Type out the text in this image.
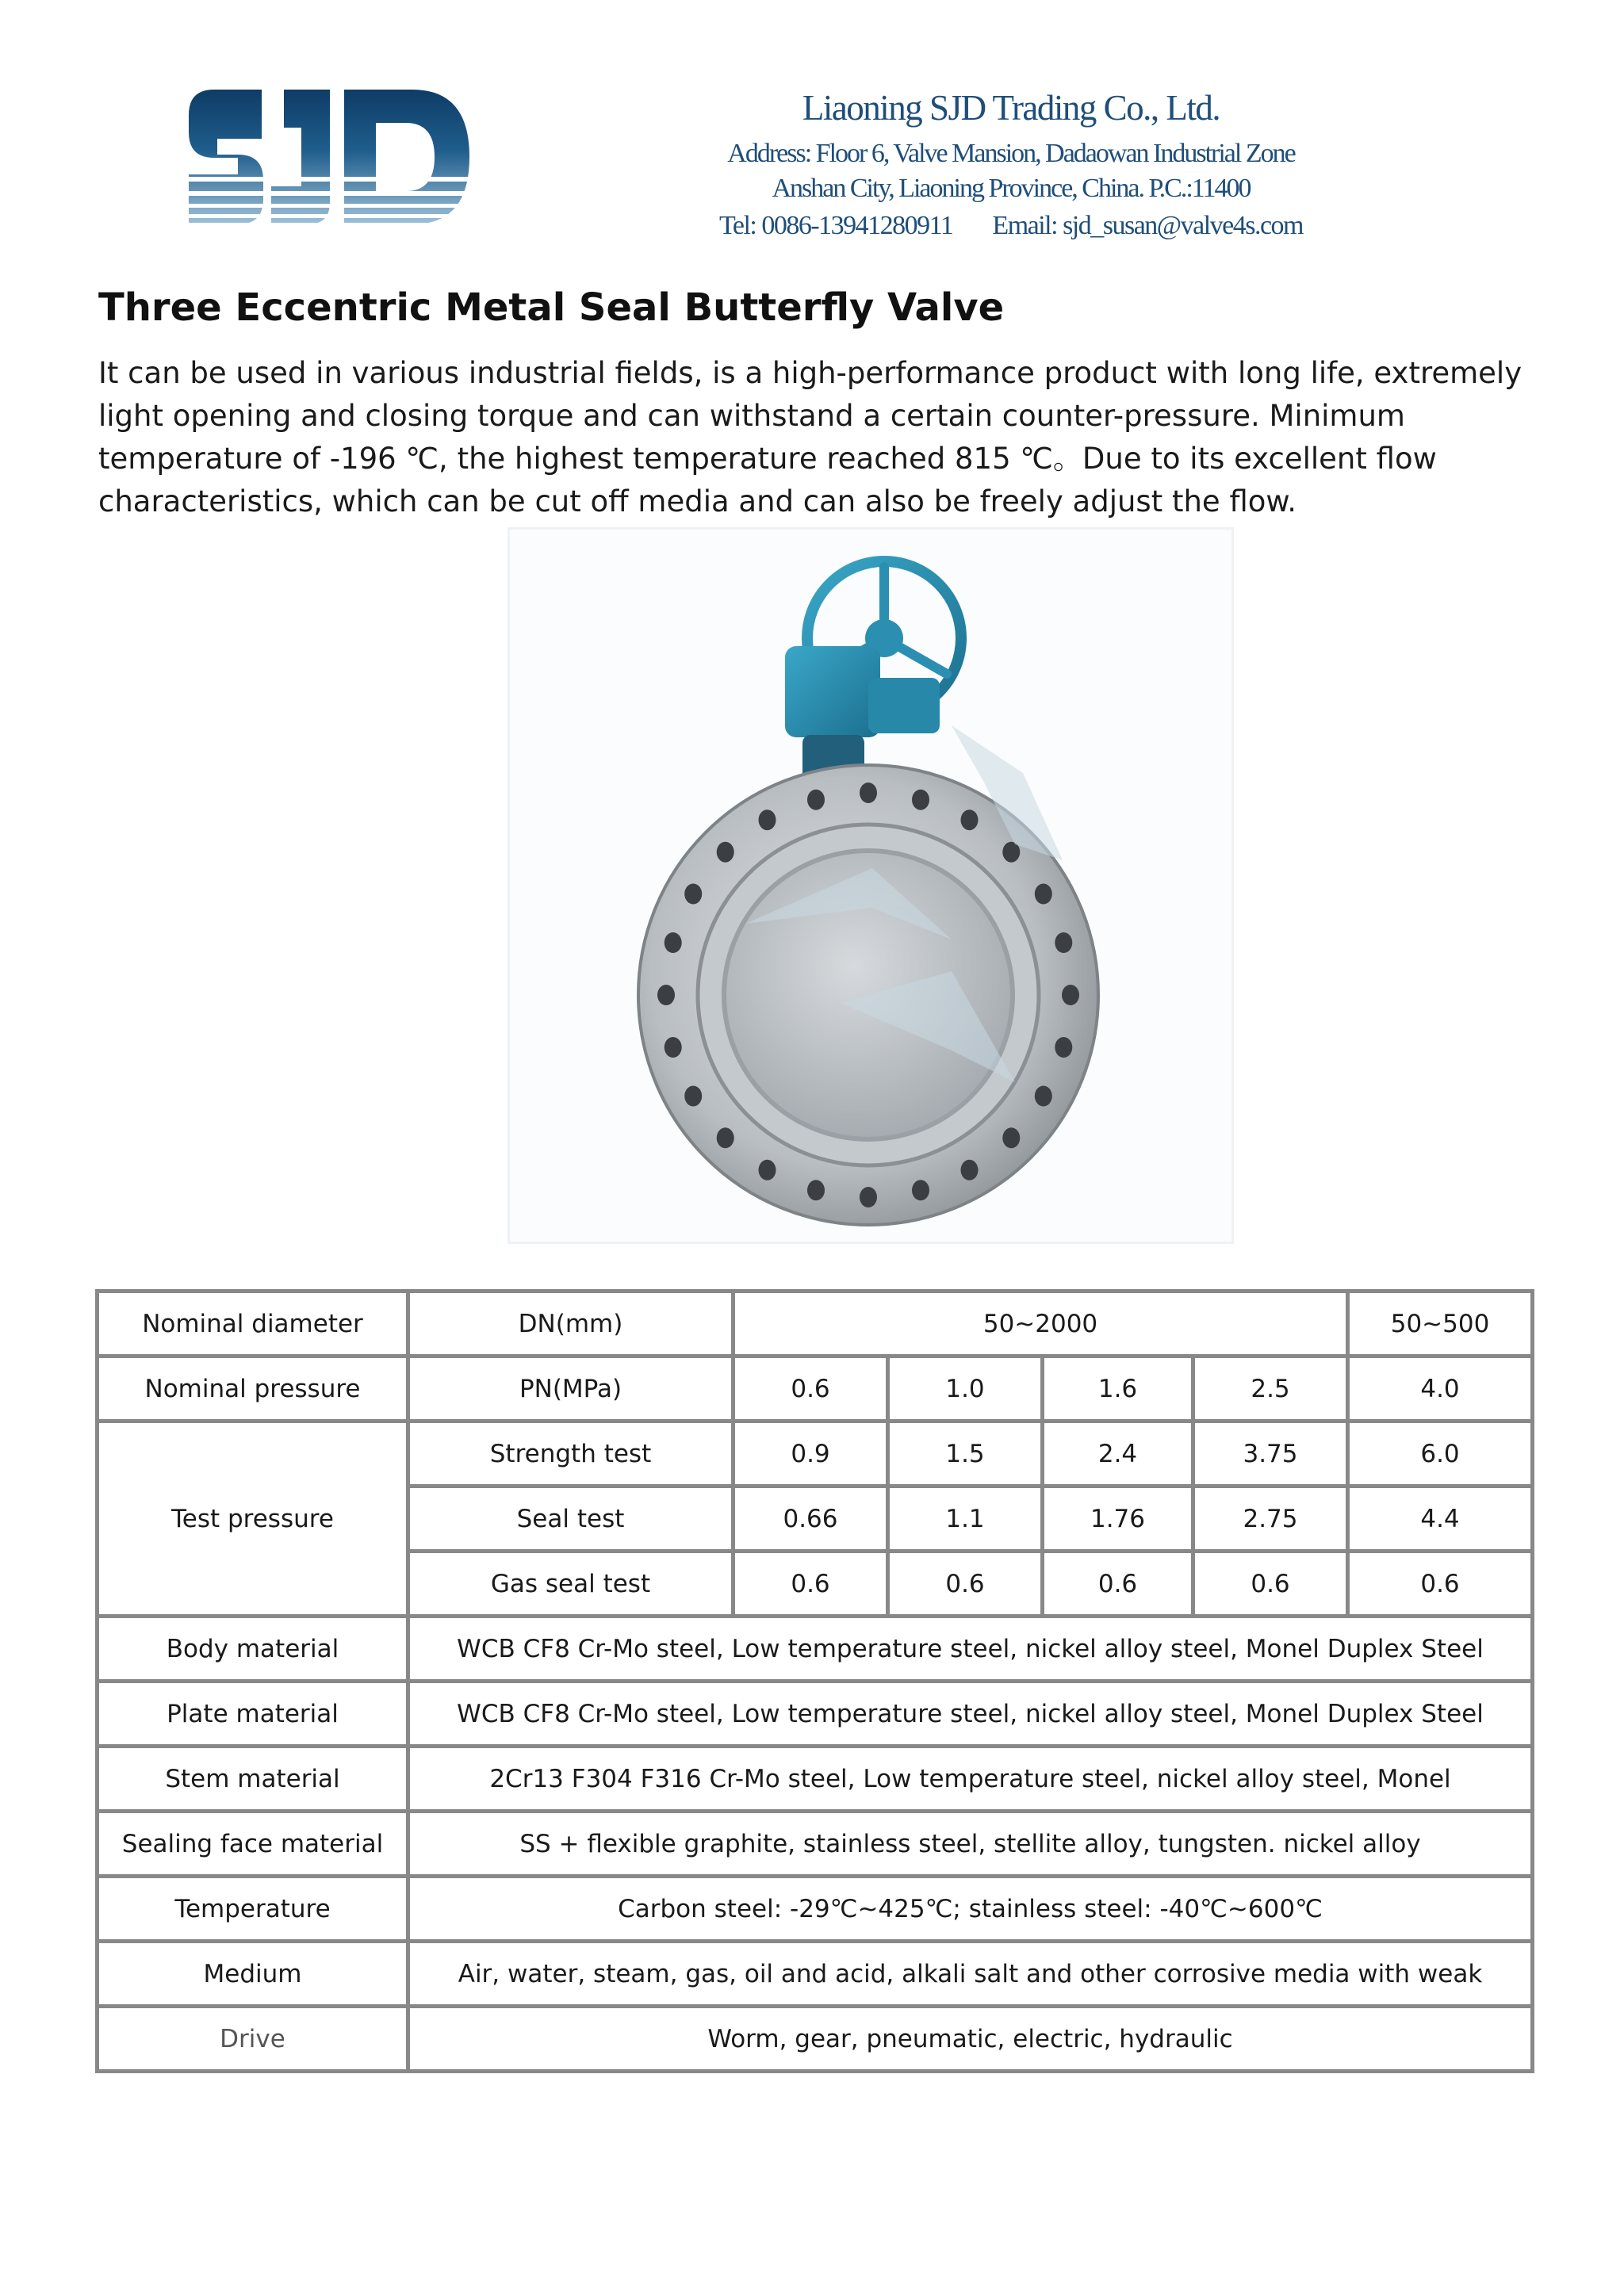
Liaoning SJD Trading Co., Ltd.
Address: Floor 6, Valve Mansion, Dadaowan Industrial Zone
Anshan City, Liaoning Province, China. P.C.:11400
Tel: 0086-13941280911 Email: sjd_susan@valve4s.com
Three Eccentric Metal Seal Butterfly Valve

It can be used in various industrial fields, is a high-performance product with long life, extremely light opening and closing torque and can withstand a certain counter-pressure. Minimum temperature of -196 ℃, the highest temperature reached 815 ℃。Due to its excellent flow characteristics, which can be cut off media and can also be freely adjust the flow.

Nominal diameter	DN(mm)	50~2000				50~500
Nominal pressure	PN(MPa)	0.6	1.0	1.6	2.5	4.0
Test pressure	Strength test	0.9	1.5	2.4	3.75	6.0
	Seal test	0.66	1.1	1.76	2.75	4.4
	Gas seal test	0.6	0.6	0.6	0.6	0.6
Body material	WCB CF8 Cr-Mo steel, Low temperature steel, nickel alloy steel, Monel Duplex Steel					
Plate material	WCB CF8 Cr-Mo steel, Low temperature steel, nickel alloy steel, Monel Duplex Steel					
Stem material	2Cr13 F304 F316 Cr-Mo steel, Low temperature steel, nickel alloy steel, Monel					
Sealing face material	SS + flexible graphite, stainless steel, stellite alloy, tungsten. nickel alloy					
Temperature	Carbon steel: -29℃~425℃; stainless steel: -40℃~600℃					
Medium	Air, water, steam, gas, oil and acid, alkali salt and other corrosive media with weak					
Drive	Worm, gear, pneumatic, electric, hydraulic					
